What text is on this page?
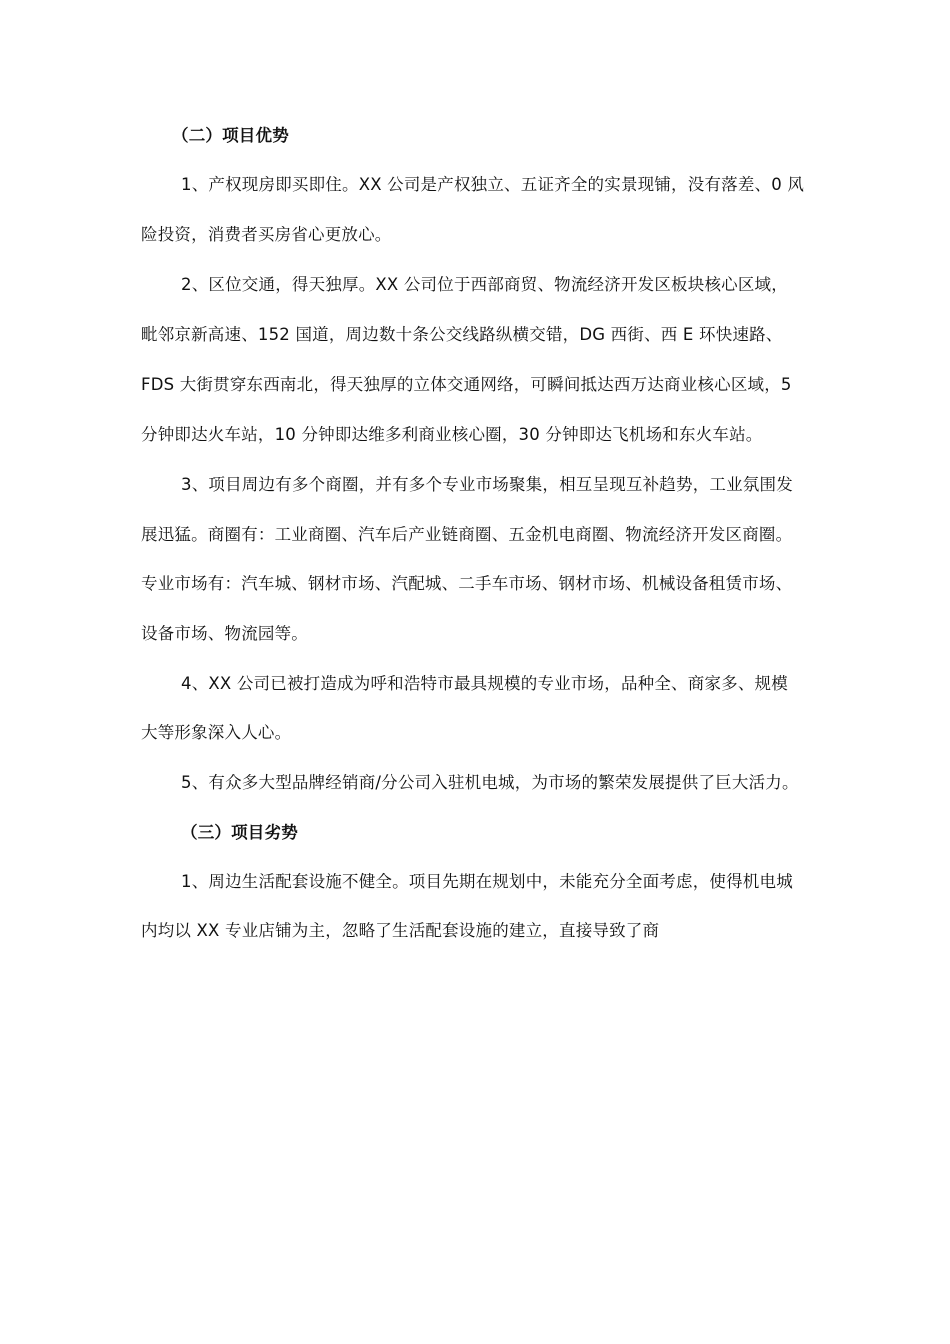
（二）项目优势
1、产权现房即买即住。XX 公司是产权独立、五证齐全的实景现铺，没有落差、0 风
险投资，消费者买房省心更放心。
2、区位交通，得天独厚。XX 公司位于西部商贸、物流经济开发区板块核心区域，
毗邻京新高速、152 国道，周边数十条公交线路纵横交错，DG 西街、西 E 环快速路、
FDS 大街贯穿东西南北，得天独厚的立体交通网络，可瞬间抵达西万达商业核心区域，5
分钟即达火车站，10 分钟即达维多利商业核心圈，30 分钟即达飞机场和东火车站。
3、项目周边有多个商圈，并有多个专业市场聚集，相互呈现互补趋势，工业氛围发
展迅猛。商圈有：工业商圈、汽车后产业链商圈、五金机电商圈、物流经济开发区商圈。
专业市场有：汽车城、钢材市场、汽配城、二手车市场、钢材市场、机械设备租赁市场、
设备市场、物流园等。
4、XX 公司已被打造成为呼和浩特市最具规模的专业市场，品种全、商家多、规模
大等形象深入人心。
5、有众多大型品牌经销商/分公司入驻机电城，为市场的繁荣发展提供了巨大活力。
（三）项目劣势
1、周边生活配套设施不健全。项目先期在规划中，未能充分全面考虑，使得机电城
内均以 XX 专业店铺为主，忽略了生活配套设施的建立，直接导致了商
